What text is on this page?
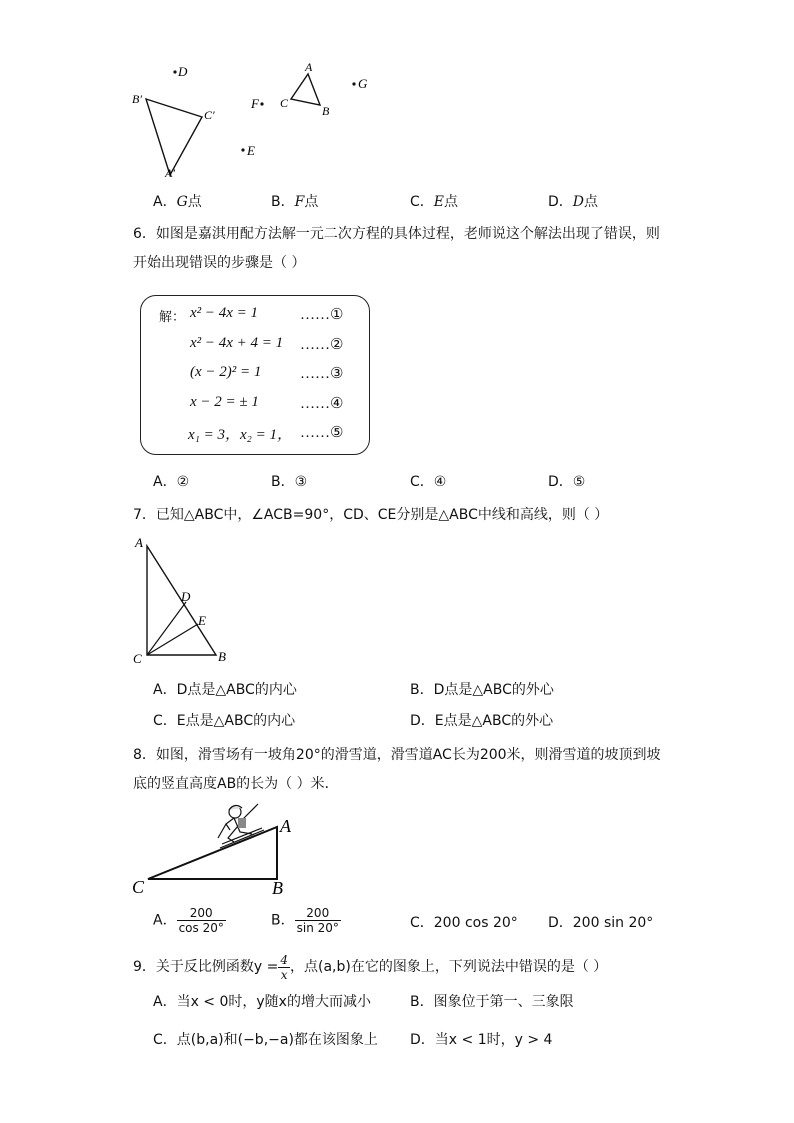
D
F
E
G
A
B
C
B′
C′
A′
A．G点	B．F点	C．E点	D．D点
6．如图是嘉淇用配方法解一元二次方程的具体过程，老师说这个解法出现了错误，则
开始出现错误的步骤是（ ）
解： x² − 4x = 1	……①
x² − 4x + 4 = 1 ……②
(x − 2)² = 1	……③
x − 2 = ± 1	……④
x₁ = 3，x₂ = 1， ……⑤
A．②	B．③	C．④	D．⑤
7．已知△ABC中，∠ACB=90°，CD、CE分别是△ABC中线和高线，则（ ）
A
D
E
C	B
A．D点是△ABC的内心	B．D点是△ABC的外心
C．E点是△ABC的内心	D．E点是△ABC的外心
8．如图，滑雪场有一坡角20°的滑雪道，滑雪道AC长为200米，则滑雪道的坡顶到坡
底的竖直高度AB的长为（ ）米．
A
C	B
A． $\frac{200}{\cos 20^\circ}$	B． $\frac{200}{\sin 20^\circ}$	C．200 cos 20° D．200 sin 20°
9．关于反比例函数$y = \frac{4}{x}$ ，点(a,b)在它的图象上，下列说法中错误的是（ ）
A．当x < 0时，y随x的增大而减小	B．图象位于第一、三象限
C．点(b,a)和(−b,−a)都在该图象上 D．当x < 1时，y > 4
